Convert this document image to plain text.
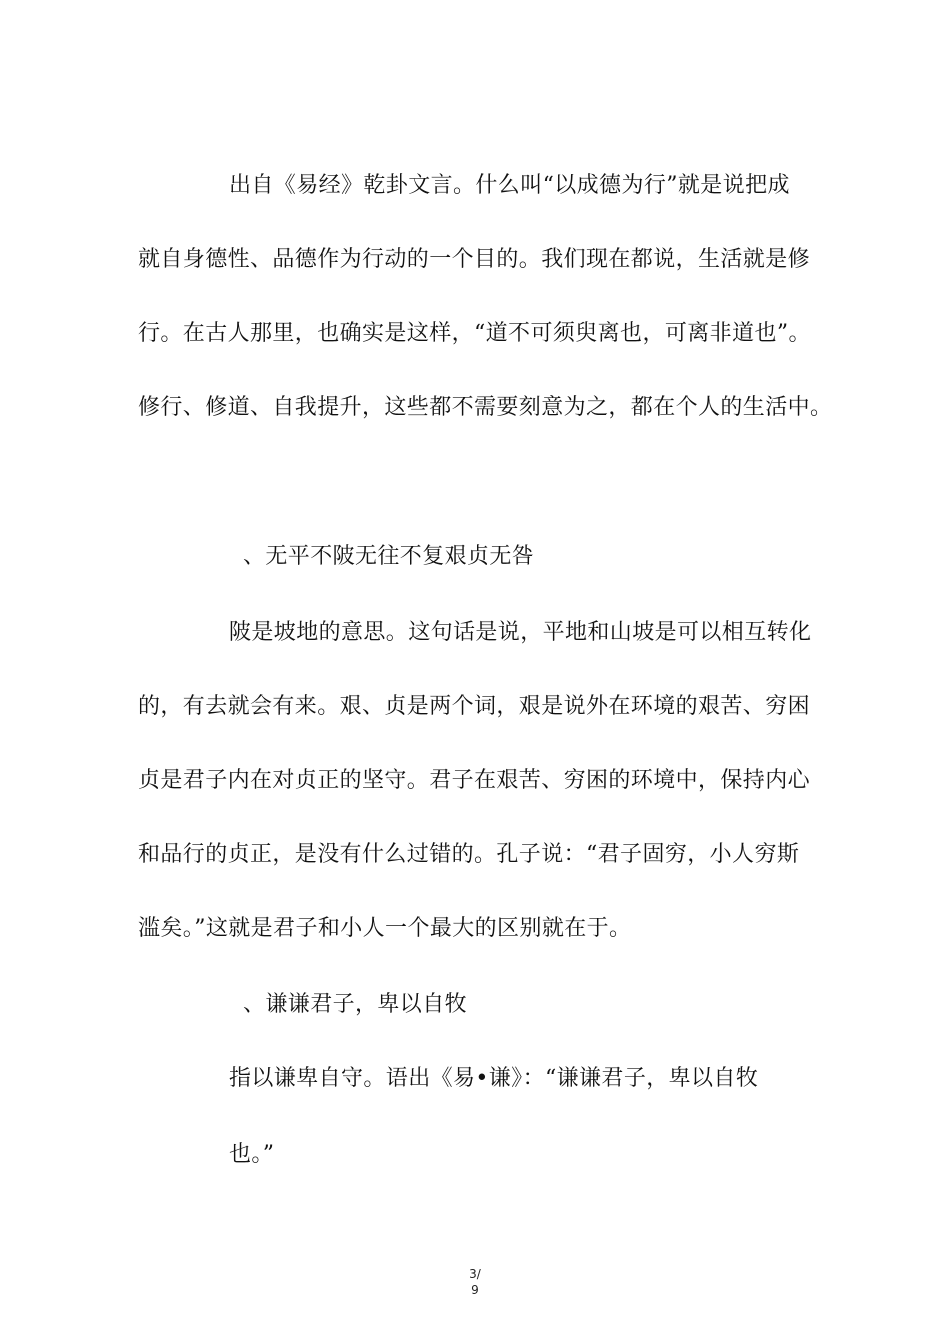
出自《易经》乾卦文言。什么叫“以成德为行”就是说把成
就自身德性、品德作为行动的一个目的。我们现在都说，生活就是修
行。在古人那里，也确实是这样，“道不可须臾离也，可离非道也”。
修行、修道、自我提升，这些都不需要刻意为之，都在个人的生活中。
、无平不陂无往不复艰贞无咎
陂是坡地的意思。这句话是说，平地和山坡是可以相互转化
的，有去就会有来。艰、贞是两个词，艰是说外在环境的艰苦、穷困
贞是君子内在对贞正的坚守。君子在艰苦、穷困的环境中，保持内心
和品行的贞正，是没有什么过错的。孔子说：“君子固穷，小人穷斯
滥矣。”这就是君子和小人一个最大的区别就在于。
、谦谦君子，卑以自牧
指以谦卑自守。语出《易•谦》：“谦谦君子，卑以自牧
也。”
3/
9
